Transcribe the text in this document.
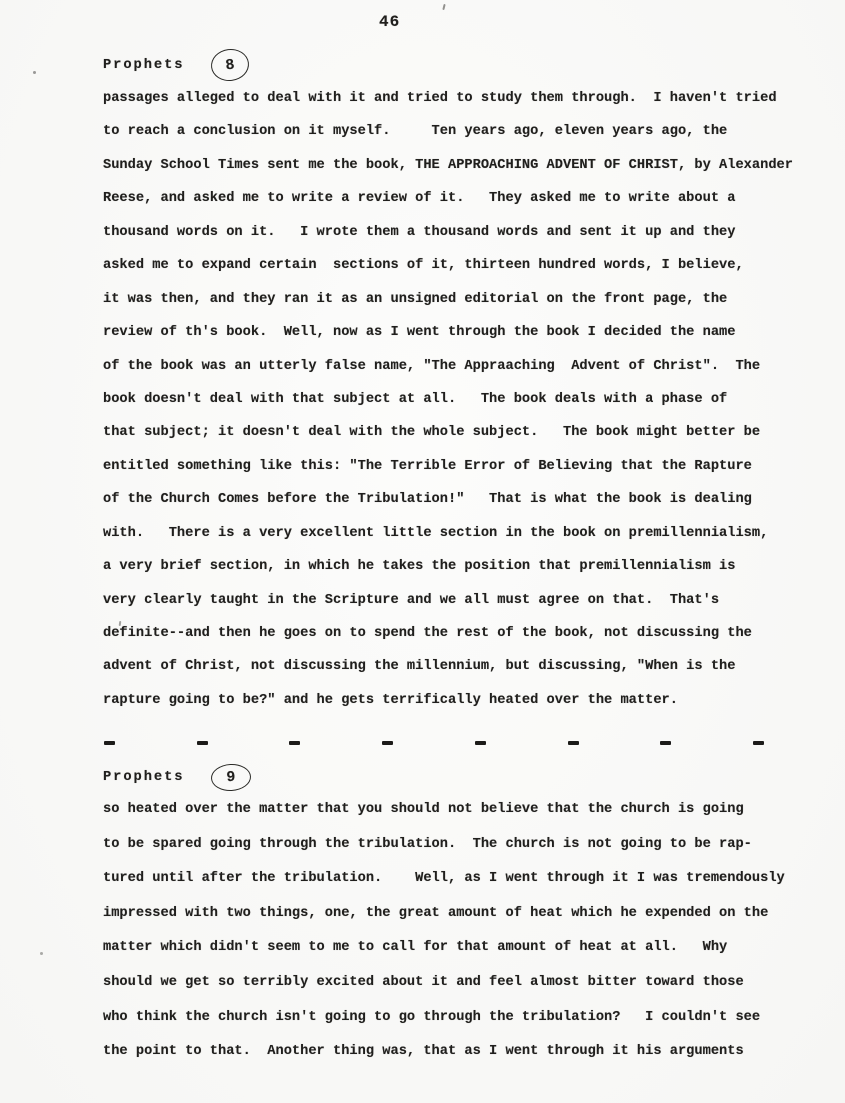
46
Prophets	8
passages alleged to deal with it and tried to study them through.  I haven't tried
to reach a conclusion on it myself.     Ten years ago, eleven years ago, the
Sunday School Times sent me the book, THE APPROACHING ADVENT OF CHRIST, by Alexander
Reese, and asked me to write a review of it.   They asked me to write about a
thousand words on it.   I wrote them a thousand words and sent it up and they
asked me to expand certain  sections of it, thirteen hundred words, I believe,
it was then, and they ran it as an unsigned editorial on the front page, the
review of th's book.  Well, now as I went through the book I decided the name
of the book was an utterly false name, "The Appraaching  Advent of Christ".  The
book doesn't deal with that subject at all.   The book deals with a phase of
that subject; it doesn't deal with the whole subject.   The book might better be
entitled something like this: "The Terrible Error of Believing that the Rapture
of the Church Comes before the Tribulation!"   That is what the book is dealing
with.   There is a very excellent little section in the book on premillennialism,
a very brief section, in which he takes the position that premillennialism is
very clearly taught in the Scripture and we all must agree on that.  That's
definite--and then he goes on to spend the rest of the book, not discussing the
advent of Christ, not discussing the millennium, but discussing, "When is the
rapture going to be?" and he gets terrifically heated over the matter.
Prophets	9
so heated over the matter that you should not believe that the church is going
to be spared going through the tribulation.  The church is not going to be rap-
tured until after the tribulation.    Well, as I went through it I was tremendously
impressed with two things, one, the great amount of heat which he expended on the
matter which didn't seem to me to call for that amount of heat at all.   Why
should we get so terribly excited about it and feel almost bitter toward those
who think the church isn't going to go through the tribulation?   I couldn't see
the point to that.  Another thing was, that as I went through it his arguments
